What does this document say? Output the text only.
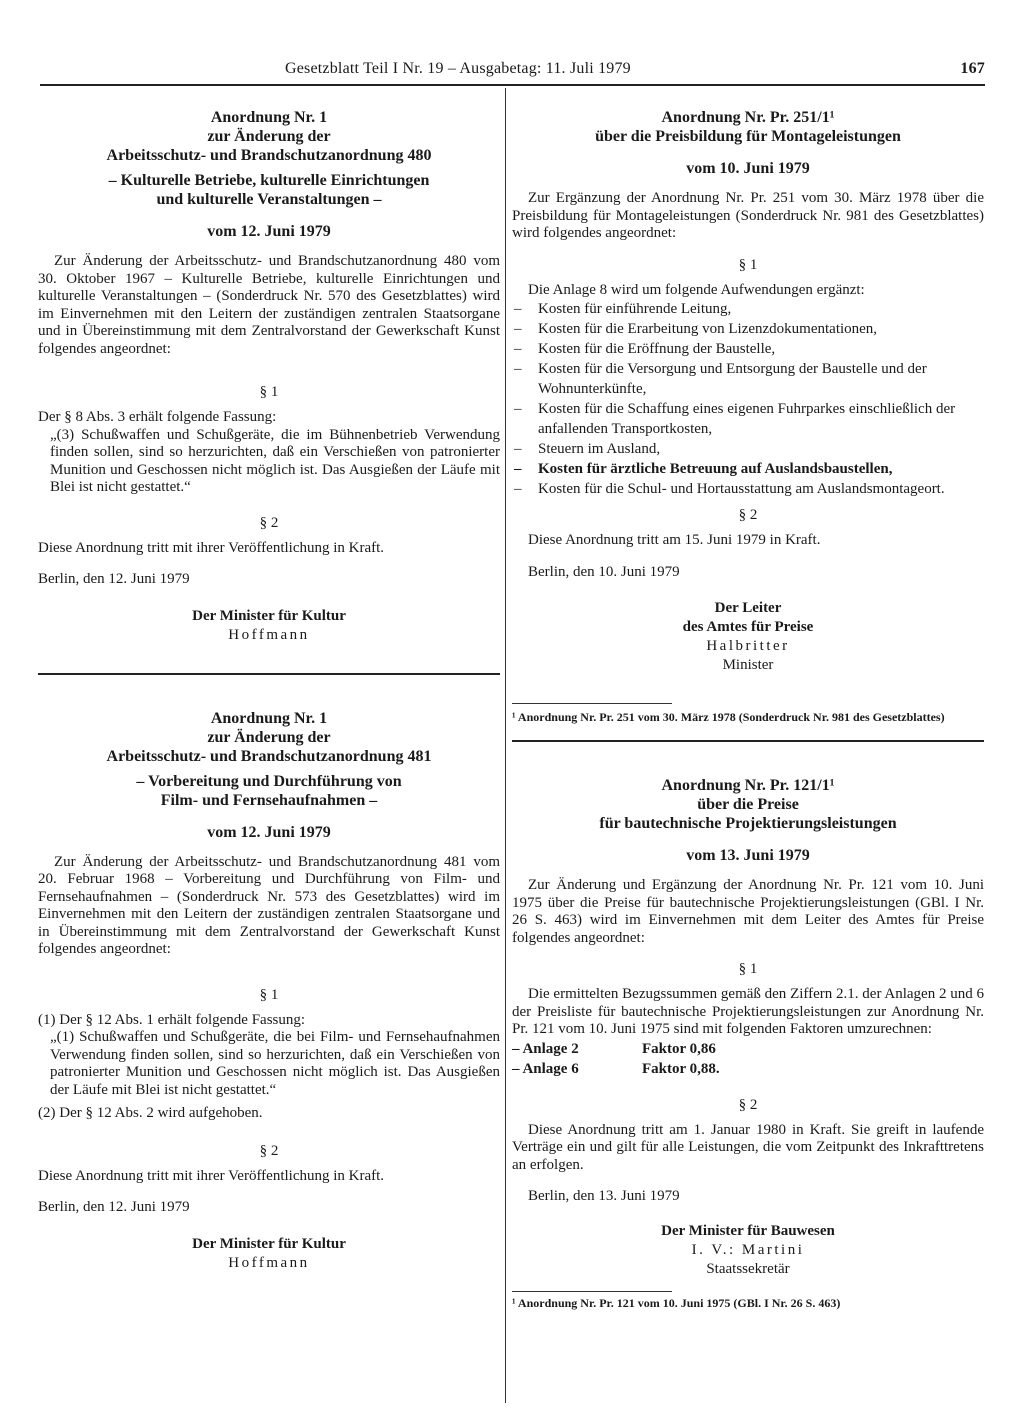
Gesetzblatt Teil I Nr. 19 – Ausgabetag: 11. Juli 1979	167
Anordnung Nr. 1
zur Änderung der
Arbeitsschutz- und Brandschutzanordnung 480
– Kulturelle Betriebe, kulturelle Einrichtungen
und kulturelle Veranstaltungen –
vom 12. Juni 1979

Zur Änderung der Arbeitsschutz- und Brandschutzanordnung 480 vom 30. Oktober 1967 – Kulturelle Betriebe, kulturelle Einrichtungen und kulturelle Veranstaltungen – (Sonderdruck Nr. 570 des Gesetzblattes) wird im Einvernehmen mit den Leitern der zuständigen zentralen Staatsorgane und in Übereinstimmung mit dem Zentralvorstand der Gewerkschaft Kunst folgendes angeordnet:

§ 1

Der § 8 Abs. 3 erhält folgende Fassung:

„(3) Schußwaffen und Schußgeräte, die im Bühnenbetrieb Verwendung finden sollen, sind so herzurichten, daß ein Verschießen von patronierter Munition und Geschossen nicht möglich ist. Das Ausgießen der Läufe mit Blei ist nicht gestattet.“

§ 2

Diese Anordnung tritt mit ihrer Veröffentlichung in Kraft.

Berlin, den 12. Juni 1979

Der Minister für Kultur
Hoffmann
Anordnung Nr. 1
zur Änderung der
Arbeitsschutz- und Brandschutzanordnung 481
– Vorbereitung und Durchführung von
Film- und Fernsehaufnahmen –
vom 12. Juni 1979

Zur Änderung der Arbeitsschutz- und Brandschutzanordnung 481 vom 20. Februar 1968 – Vorbereitung und Durchführung von Film- und Fernsehaufnahmen – (Sonderdruck Nr. 573 des Gesetzblattes) wird im Einvernehmen mit den Leitern der zuständigen zentralen Staatsorgane und in Übereinstimmung mit dem Zentralvorstand der Gewerkschaft Kunst folgendes angeordnet:

§ 1

(1) Der § 12 Abs. 1 erhält folgende Fassung:

„(1) Schußwaffen und Schußgeräte, die bei Film- und Fernsehaufnahmen Verwendung finden sollen, sind so herzurichten, daß ein Verschießen von patronierter Munition und Geschossen nicht möglich ist. Das Ausgießen der Läufe mit Blei ist nicht gestattet.“

(2) Der § 12 Abs. 2 wird aufgehoben.

§ 2

Diese Anordnung tritt mit ihrer Veröffentlichung in Kraft.

Berlin, den 12. Juni 1979

Der Minister für Kultur
Hoffmann
Anordnung Nr. Pr. 251/1¹
über die Preisbildung für Montageleistungen
vom 10. Juni 1979

Zur Ergänzung der Anordnung Nr. Pr. 251 vom 30. März 1978 über die Preisbildung für Montageleistungen (Sonderdruck Nr. 981 des Gesetzblattes) wird folgendes angeordnet:

§ 1

Die Anlage 8 wird um folgende Aufwendungen ergänzt:

– Kosten für einführende Leitung,
– Kosten für die Erarbeitung von Lizenzdokumentationen,
– Kosten für die Eröffnung der Baustelle,
– Kosten für die Versorgung und Entsorgung der Baustelle und der Wohnunterkünfte,
– Kosten für die Schaffung eines eigenen Fuhrparkes einschließlich der anfallenden Transportkosten,
– Steuern im Ausland,
– Kosten für ärztliche Betreuung auf Auslandsbaustellen,
– Kosten für die Schul- und Hortausstattung am Auslandsmontageort.
§ 2

Diese Anordnung tritt am 15. Juni 1979 in Kraft.

Berlin, den 10. Juni 1979

Der Leiter
des Amtes für Preise
Halbritter
Minister

¹ Anordnung Nr. Pr. 251 vom 30. März 1978 (Sonderdruck Nr. 981 des Gesetzblattes)

Anordnung Nr. Pr. 121/1¹
über die Preise
für bautechnische Projektierungsleistungen
vom 13. Juni 1979

Zur Änderung und Ergänzung der Anordnung Nr. Pr. 121 vom 10. Juni 1975 über die Preise für bautechnische Projektierungsleistungen (GBl. I Nr. 26 S. 463) wird im Einvernehmen mit dem Leiter des Amtes für Preise folgendes angeordnet:

§ 1

Die ermittelten Bezugssummen gemäß den Ziffern 2.1. der Anlagen 2 und 6 der Preisliste für bautechnische Projektierungsleistungen zur Anordnung Nr. Pr. 121 vom 10. Juni 1975 sind mit folgenden Faktoren umzurechnen:

– Anlage 2	Faktor 0,86
– Anlage 6	Faktor 0,88.
§ 2

Diese Anordnung tritt am 1. Januar 1980 in Kraft. Sie greift in laufende Verträge ein und gilt für alle Leistungen, die vom Zeitpunkt des Inkrafttretens an erfolgen.

Berlin, den 13. Juni 1979

Der Minister für Bauwesen
I. V.: Martini
Staatssekretär

¹ Anordnung Nr. Pr. 121 vom 10. Juni 1975 (GBl. I Nr. 26 S. 463)
